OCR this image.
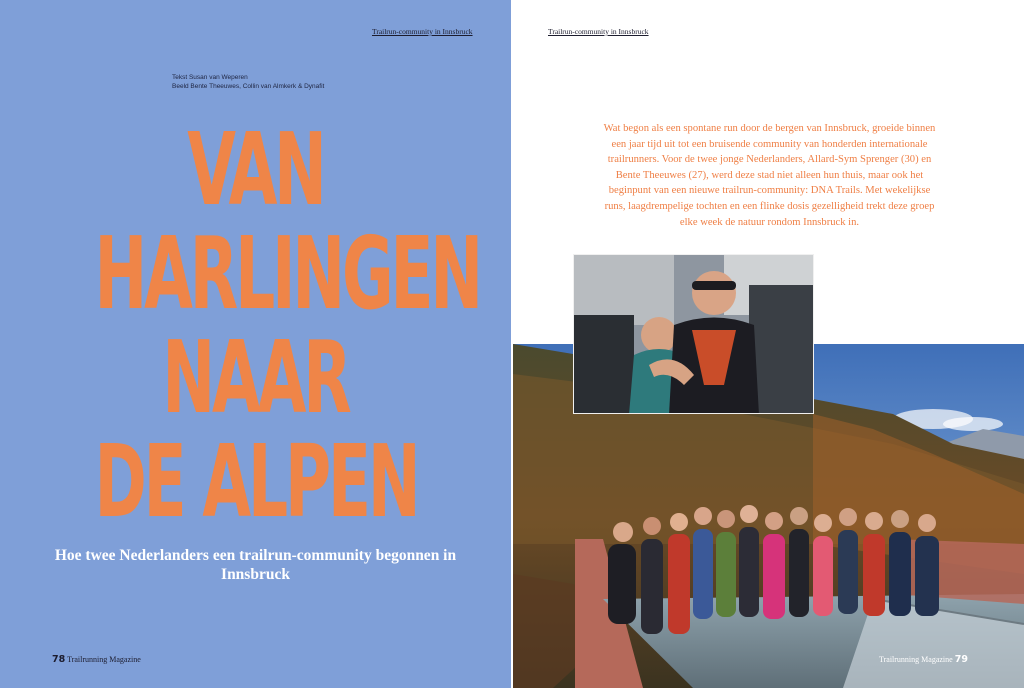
Trailrun-community in Innsbruck
Tekst Susan van Weperen
Beeld Bente Theeuwes, Collin van Almkerk & Dynafit
VAN
HARLINGEN
NAAR
DE ALPEN

Hoe twee Nederlanders een trailrun-community begonnen in Innsbruck

78 Trailrunning Magazine
Trailrun-community in Innsbruck

Wat begon als een spontane run door de bergen van Innsbruck, groeide binnen een jaar tijd uit tot een bruisende community van honderden internationale trailrunners. Voor de twee jonge Nederlanders, Allard-Sym Sprenger (30) en Bente Theeuwes (27), werd deze stad niet alleen hun thuis, maar ook het beginpunt van een nieuwe trailrun-community: DNA Trails. Met wekelijkse runs, laagdrempelige tochten en een flinke dosis gezelligheid trekt deze groep elke week de natuur rondom Innsbruck in.

Trailrunning Magazine 79
